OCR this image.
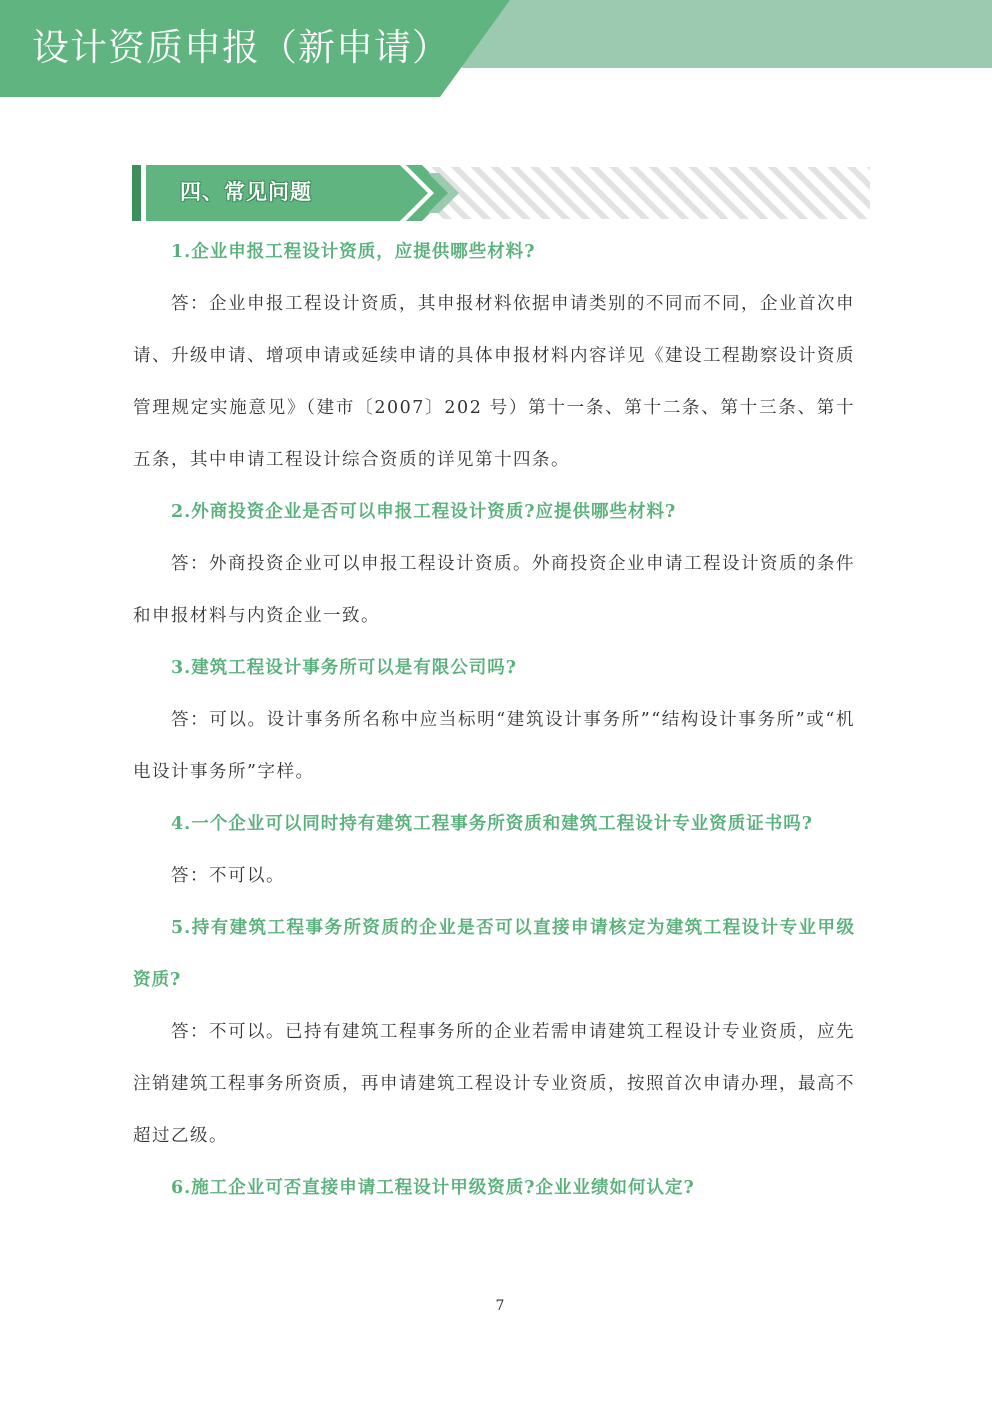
设计资质申报（新申请）
四、常见问题

1.企业申报工程设计资质，应提供哪些材料?

答：企业申报工程设计资质，其申报材料依据申请类别的不同而不同，企业首次申请、升级申请、增项申请或延续申请的具体申报材料内容详见《建设工程勘察设计资质管理规定实施意见》（建市〔2007〕202 号）第十一条、第十二条、第十三条、第十五条，其中申请工程设计综合资质的详见第十四条。

2.外商投资企业是否可以申报工程设计资质?应提供哪些材料?

答：外商投资企业可以申报工程设计资质。外商投资企业申请工程设计资质的条件和申报材料与内资企业一致。

3.建筑工程设计事务所可以是有限公司吗?

答：可以。设计事务所名称中应当标明“建筑设计事务所”“结构设计事务所”或“机电设计事务所”字样。

4.一个企业可以同时持有建筑工程事务所资质和建筑工程设计专业资质证书吗?

答：不可以。

5.持有建筑工程事务所资质的企业是否可以直接申请核定为建筑工程设计专业甲级资质?

答：不可以。已持有建筑工程事务所的企业若需申请建筑工程设计专业资质，应先注销建筑工程事务所资质，再申请建筑工程设计专业资质，按照首次申请办理，最高不超过乙级。

6.施工企业可否直接申请工程设计甲级资质?企业业绩如何认定?

7
